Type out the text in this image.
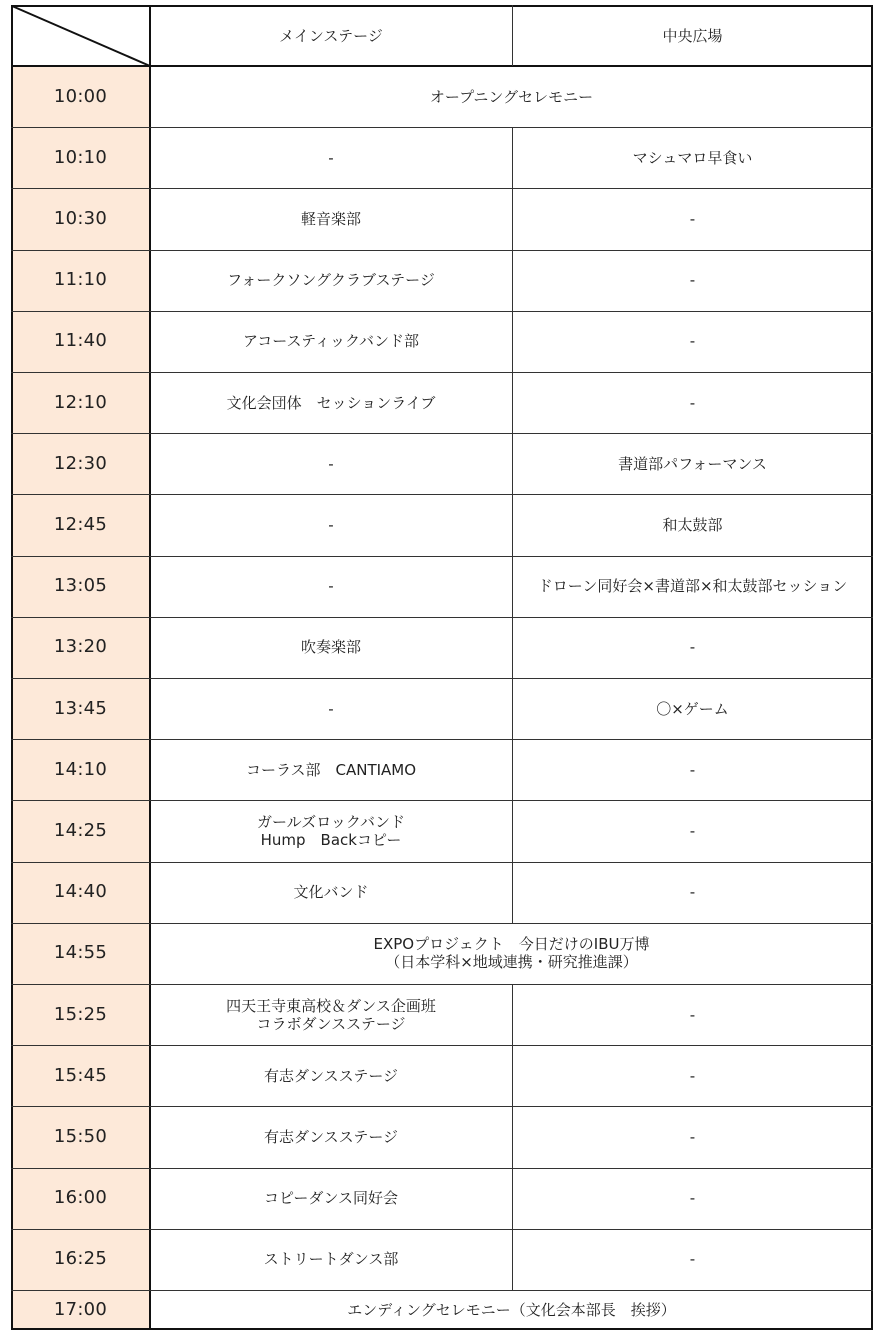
メインステージ	中央広場
10:00	オープニングセレモニー
10:10	-	マシュマロ早食い
10:30	軽音楽部	-
11:10	フォークソングクラブステージ	-
11:40	アコースティックバンド部	-
12:10	文化会団体　セッションライブ	-
12:30	-	書道部パフォーマンス
12:45	-	和太鼓部
13:05	-	ドローン同好会×書道部×和太鼓部セッション
13:20	吹奏楽部	-
13:45	-	〇×ゲーム
14:10	コーラス部　CANTIAMO	-
14:25	ガールズロックバンド
Hump　Backコピー	-
14:40	文化バンド	-
14:55	EXPOプロジェクト　今日だけのIBU万博
（日本学科×地域連携・研究推進課）
15:25	四天王寺東高校＆ダンス企画班
コラボダンスステージ	-
15:45	有志ダンスステージ	-
15:50	有志ダンスステージ	-
16:00	コピーダンス同好会	-
16:25	ストリートダンス部	-
17:00	エンディングセレモニー（文化会本部長　挨拶）
